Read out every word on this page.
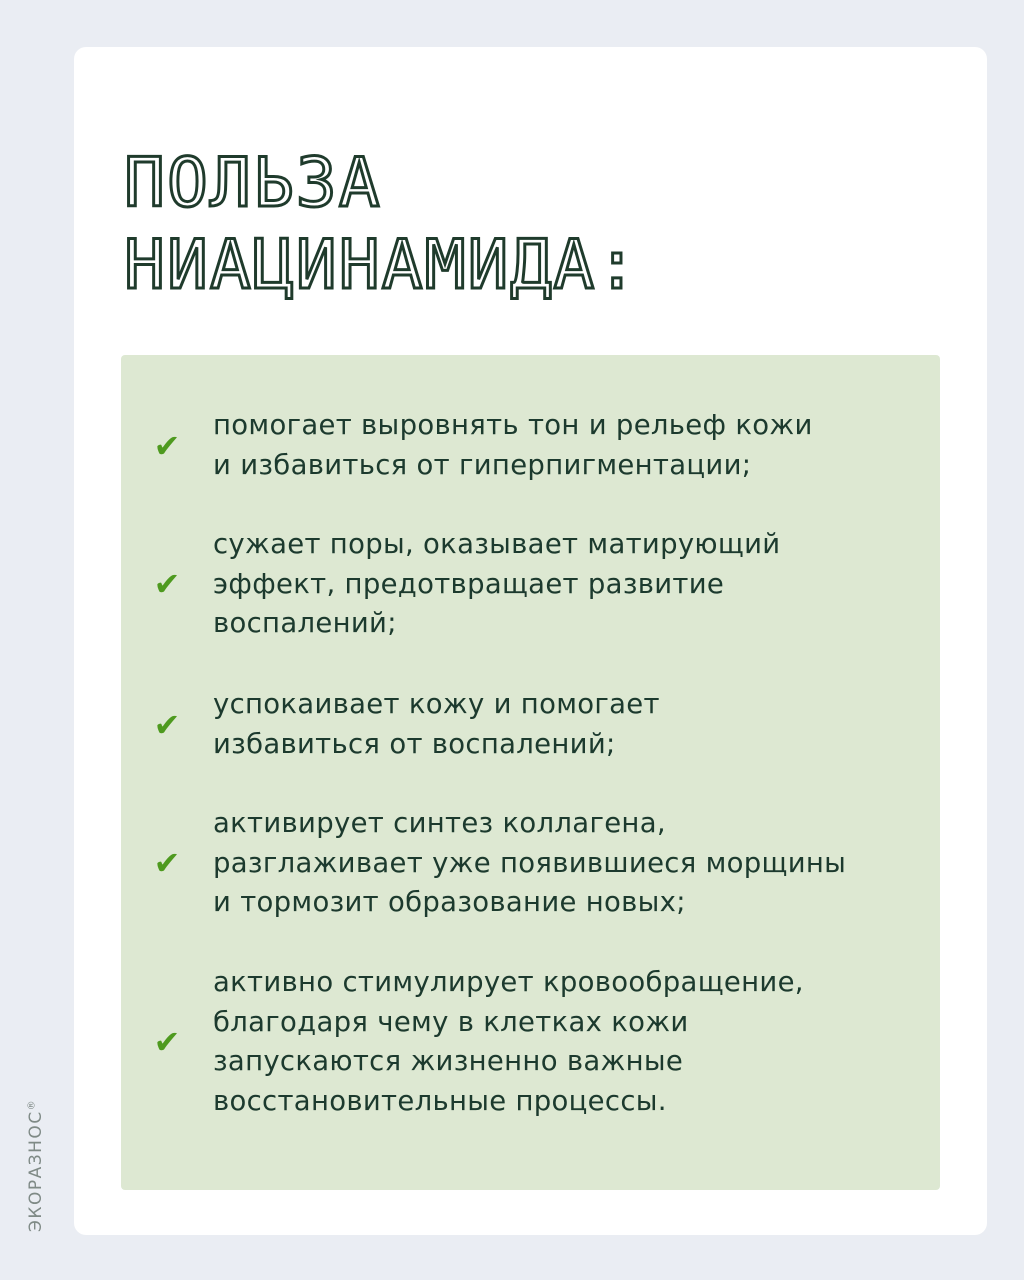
ПОЛЬЗА
НИАЦИНАМИДА:
✔
помогает выровнять тон и рельеф кожи
и избавиться от гиперпигментации;
✔
сужает поры, оказывает матирующий
эффект, предотвращает развитие
воспалений;
✔
успокаивает кожу и помогает
избавиться от воспалений;
✔
активирует синтез коллагена,
разглаживает уже появившиеся морщины
и тормозит образование новых;
✔
активно стимулирует кровообращение,
благодаря чему в клетках кожи
запускаются жизненно важные
восстановительные процессы.
ЭКОРАЗНОС®
